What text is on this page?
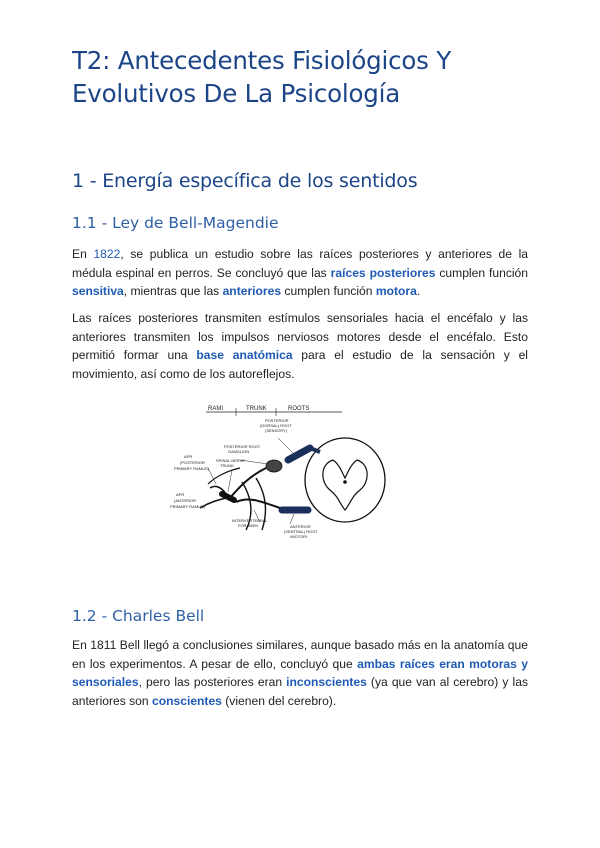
T2: Antecedentes Fisiológicos Y Evolutivos De La Psicología
1 - Energía específica de los sentidos
1.1 - Ley de Bell-Magendie

En 1822, se publica un estudio sobre las raíces posteriores y anteriores de la médula espinal en perros. Se concluyó que las raíces posteriores cumplen función sensitiva, mientras que las anteriores cumplen función motora.

Las raíces posteriores transmiten estímulos sensoriales hacia el encéfalo y las anteriores transmiten los impulsos nerviosos motores desde el encéfalo. Esto permitió formar una base anatómica para el estudio de la sensación y el movimiento, así como de los autoreflejos.

RAMI	TRUNK	ROOTS
POSTERIOR
(DORSAL) ROOT
(SENSORY)
POSTERIOR ROOT
GANGLION
SPINAL NERVE
TRUNK
APR
(POSTERIOR
PRIMARY RAMUS)
APR
(ANTERIOR
PRIMARY RAMUS)
INTERVERTEBRAL
FORAMEN	ANTERIOR
(VENTRAL) ROOT
(MOTOR)
1.2 - Charles Bell

En 1811 Bell llegó a conclusiones similares, aunque basado más en la anatomía que en los experimentos. A pesar de ello, concluyó que ambas raíces eran motoras y sensoriales, pero las posteriores eran inconscientes (ya que van al cerebro) y las anteriores son conscientes (vienen del cerebro).
